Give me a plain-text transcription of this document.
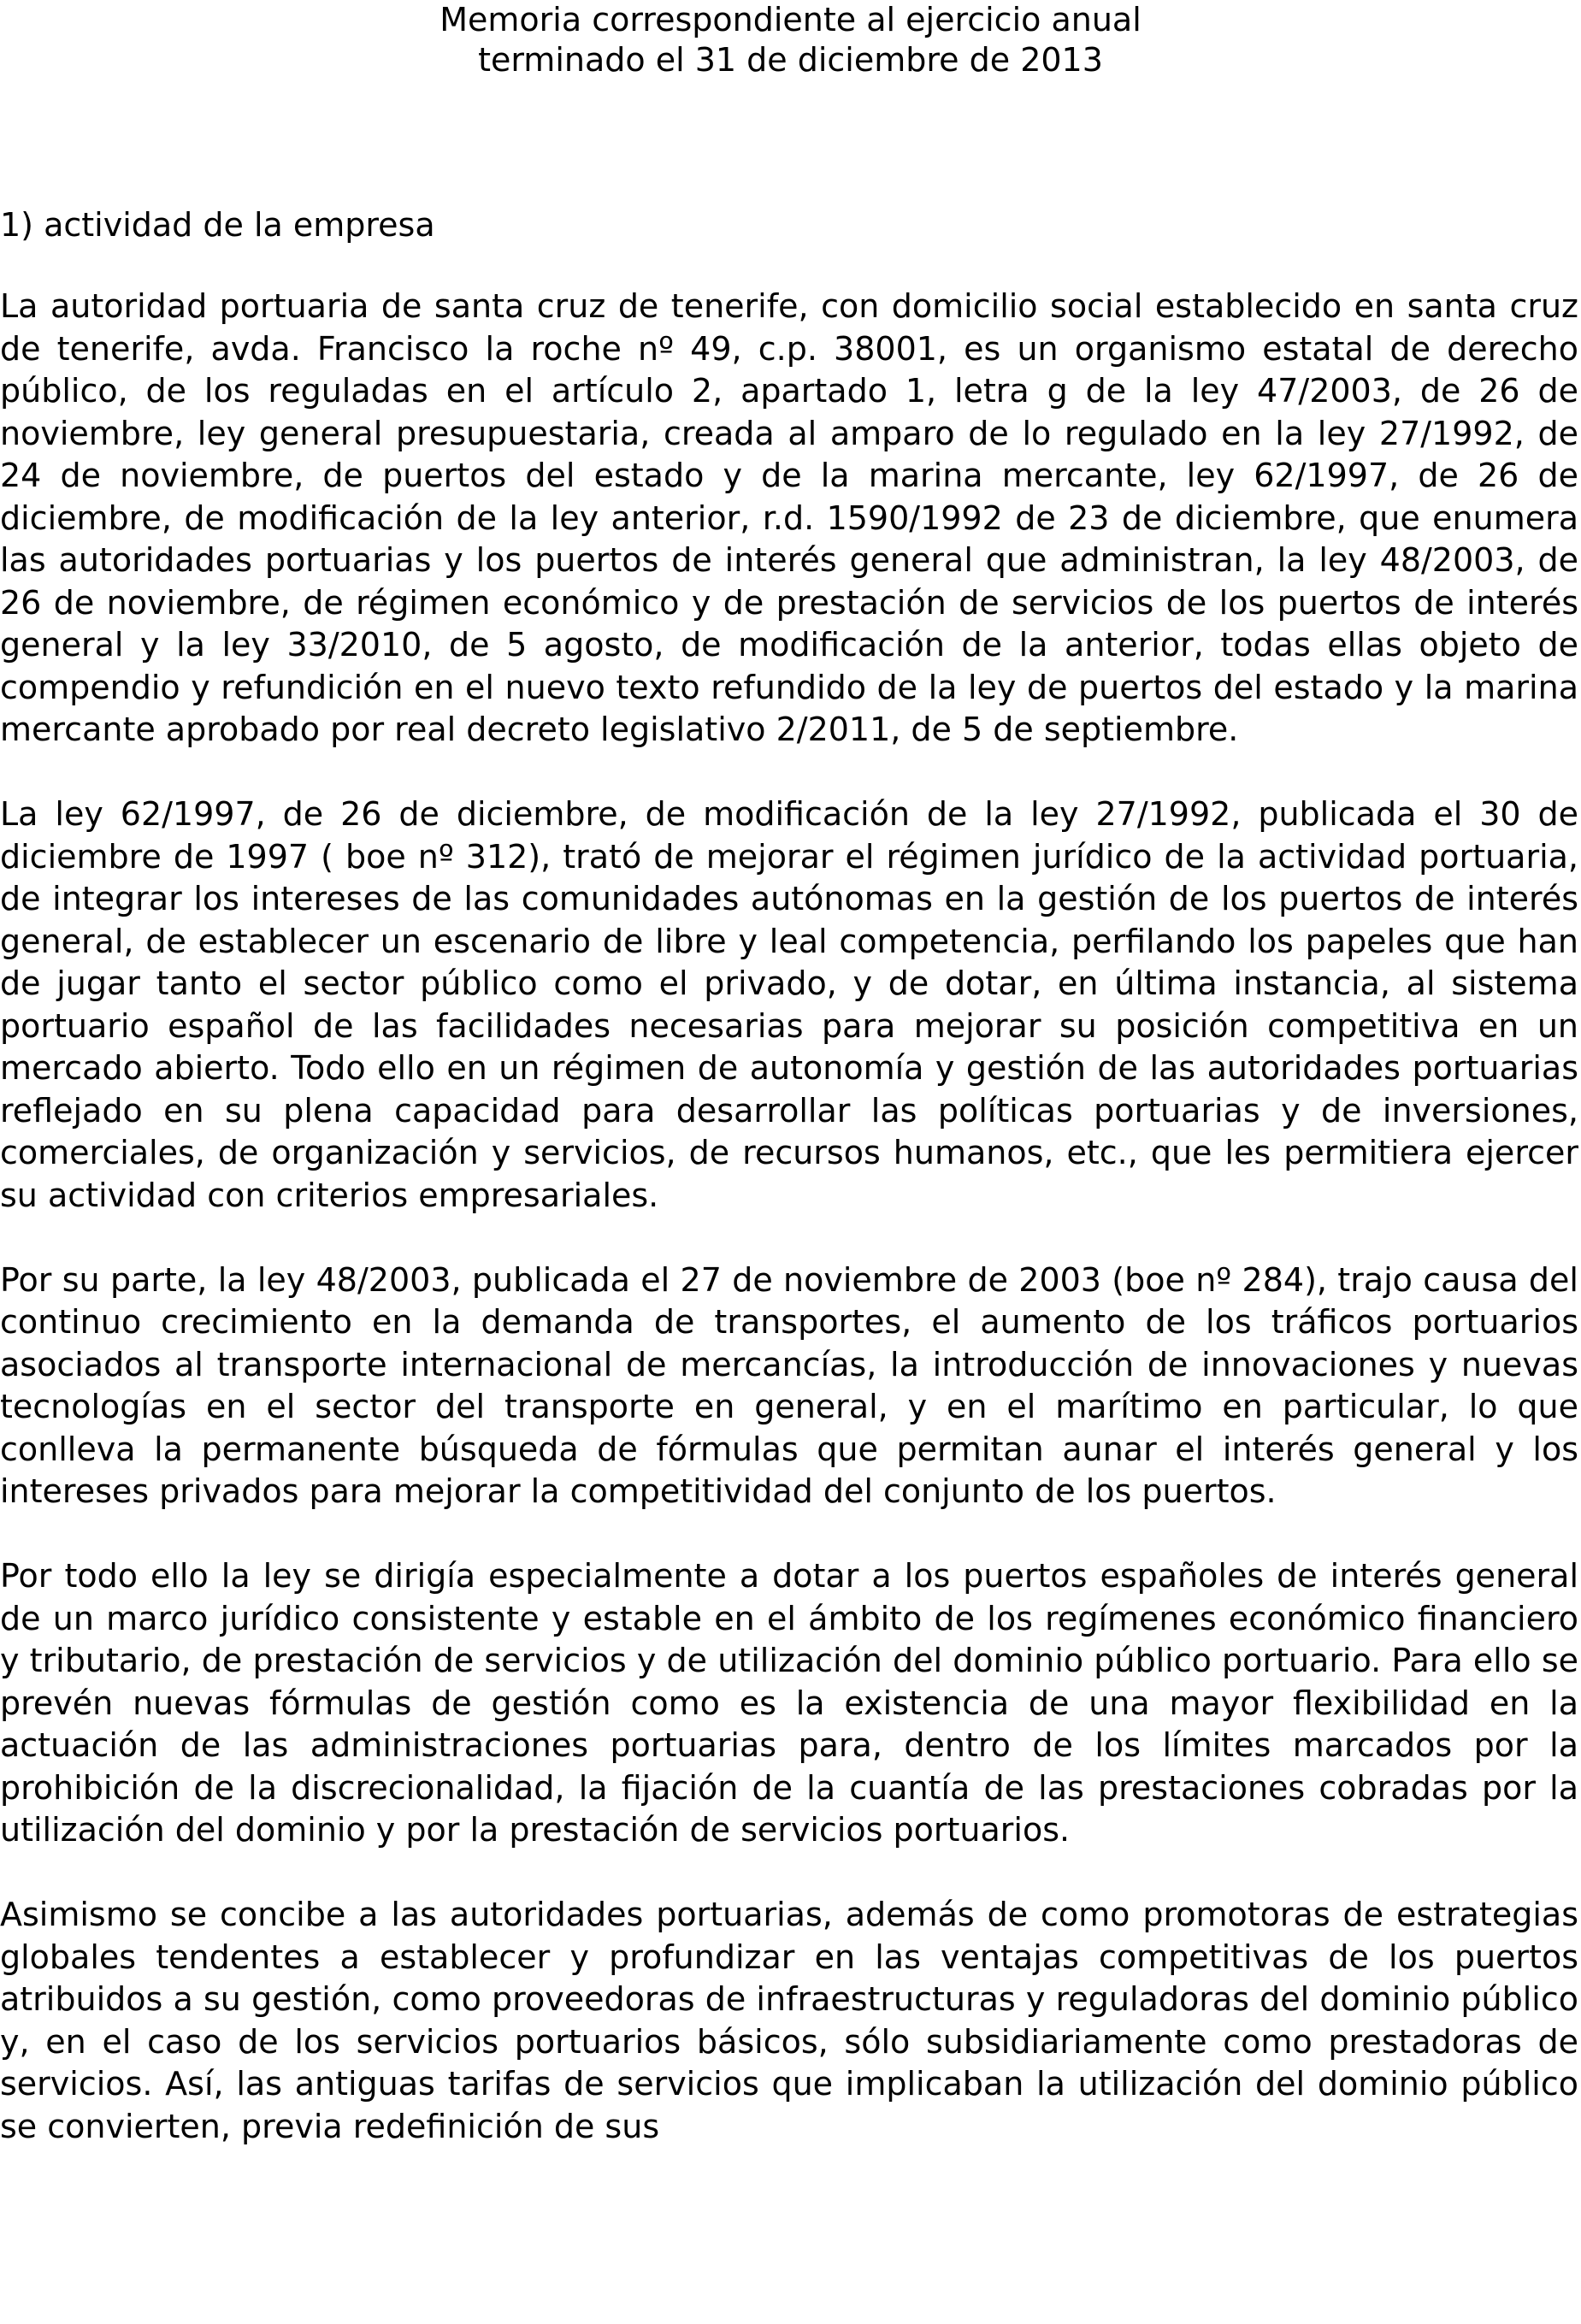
Memoria correspondiente al ejercicio anual
terminado el 31 de diciembre de 2013
1) actividad de la empresa

La autoridad portuaria de santa cruz de tenerife, con domicilio social establecido en santa cruz de tenerife, avda. Francisco la roche nº 49, c.p. 38001, es un organismo estatal de derecho público, de los reguladas en el artículo 2, apartado 1, letra g de la ley 47/2003, de 26 de noviembre, ley general presupuestaria, creada al amparo de lo regulado en la ley 27/1992, de 24 de noviembre, de puertos del estado y de la marina mercante, ley 62/1997, de 26 de diciembre, de modificación de la ley anterior, r.d. 1590/1992 de 23 de diciembre, que enumera las autoridades portuarias y los puertos de interés general que administran, la ley 48/2003, de 26 de noviembre, de régimen económico y de prestación de servicios de los puertos de interés general y la ley 33/2010, de 5 agosto, de modificación de la anterior, todas ellas objeto de compendio y refundición en el nuevo texto refundido de la ley de puertos del estado y la marina mercante aprobado por real decreto legislativo 2/2011, de 5 de septiembre.

La ley 62/1997, de 26 de diciembre, de modificación de la ley 27/1992, publicada el 30 de diciembre de 1997 ( boe nº 312), trató de mejorar el régimen jurídico de la actividad portuaria, de integrar los intereses de las comunidades autónomas en la gestión de los puertos de interés general, de establecer un escenario de libre y leal competencia, perfilando los papeles que han de jugar tanto el sector público como el privado, y de dotar, en última instancia, al sistema portuario español de las facilidades necesarias para mejorar su posición competitiva en un mercado abierto. Todo ello en un régimen de autonomía y gestión de las autoridades portuarias reflejado en su plena capacidad para desarrollar las políticas portuarias y de inversiones, comerciales, de organización y servicios, de recursos humanos, etc., que les permitiera ejercer su actividad con criterios empresariales.

Por su parte, la ley 48/2003, publicada el 27 de noviembre de 2003 (boe nº 284), trajo causa del continuo crecimiento en la demanda de transportes, el aumento de los tráficos portuarios asociados al transporte internacional de mercancías, la introducción de innovaciones y nuevas tecnologías en el sector del transporte en general, y en el marítimo en particular, lo que conlleva la permanente búsqueda de fórmulas que permitan aunar el interés general y los intereses privados para mejorar la competitividad del conjunto de los puertos.

Por todo ello la ley se dirigía especialmente a dotar a los puertos españoles de interés general de un marco jurídico consistente y estable en el ámbito de los regímenes económico financiero y tributario, de prestación de servicios y de utilización del dominio público portuario. Para ello se prevén nuevas fórmulas de gestión como es la existencia de una mayor flexibilidad en la actuación de las administraciones portuarias para, dentro de los límites marcados por la prohibición de la discrecionalidad, la fijación de la cuantía de las prestaciones cobradas por la utilización del dominio y por la prestación de servicios portuarios.

Asimismo se concibe a las autoridades portuarias, además de como promotoras de estrategias globales tendentes a establecer y profundizar en las ventajas competitivas de los puertos atribuidos a su gestión, como proveedoras de infraestructuras y reguladoras del dominio público y, en el caso de los servicios portuarios básicos, sólo subsidiariamente como prestadoras de servicios. Así, las antiguas tarifas de servicios que implicaban la utilización del dominio público se convierten, previa redefinición de sus
